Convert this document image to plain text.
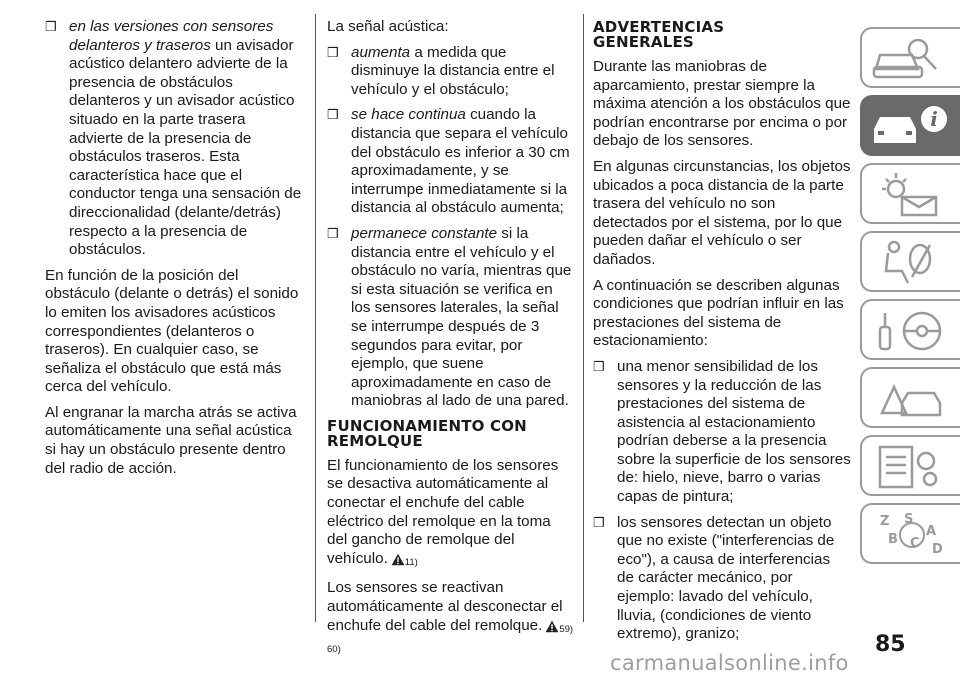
❒ en las versiones con sensores delanteros y traseros un avisador acústico delantero advierte de la presencia de obstáculos delanteros y un avisador acústico situado en la parte trasera advierte de la presencia de obstáculos traseros. Esta característica hace que el conductor tenga una sensación de direccionalidad (delante/detrás) respecto a la presencia de obstáculos.

En función de la posición del obstáculo (delante o detrás) el sonido lo emiten los avisadores acústicos correspondientes (delanteros o traseros). En cualquier caso, se señaliza el obstáculo que está más cerca del vehículo.

Al engranar la marcha atrás se activa automáticamente una señal acústica si hay un obstáculo presente dentro del radio de acción.

La señal acústica:

❒ aumenta a medida que disminuye la distancia entre el vehículo y el obstáculo;
❒ se hace continua cuando la distancia que separa el vehículo del obstáculo es inferior a 30 cm aproximadamente, y se interrumpe inmediatamente si la distancia al obstáculo aumenta;
❒ permanece constante si la distancia entre el vehículo y el obstáculo no varía, mientras que si esta situación se verifica en los sensores laterales, la señal se interrumpe después de 3 segundos para evitar, por ejemplo, que suene aproximadamente en caso de maniobras al lado de una pared.
FUNCIONAMIENTO CON REMOLQUE

El funcionamiento de los sensores se desactiva automáticamente al conectar el enchufe del cable eléctrico del remolque en la toma del gancho de remolque del vehículo. $_{11)}$

Los sensores se reactivan automáticamente al desconectar el enchufe del cable del remolque. $_{59)}$

60)
ADVERTENCIAS GENERALES

Durante las maniobras de aparcamiento, prestar siempre la máxima atención a los obstáculos que podrían encontrarse por encima o por debajo de los sensores.

En algunas circunstancias, los objetos ubicados a poca distancia de la parte trasera del vehículo no son detectados por el sistema, por lo que pueden dañar el vehículo o ser dañados.

A continuación se describen algunas condiciones que podrían influir en las prestaciones del sistema de estacionamiento:

❒ una menor sensibilidad de los sensores y la reducción de las prestaciones del sistema de asistencia al estacionamiento podrían deberse a la presencia sobre la superficie de los sensores de: hielo, nieve, barro o varias capas de pintura;
❒ los sensores detectan un objeto que no existe ("interferencias de eco"), a causa de interferencias de carácter mecánico, por ejemplo: lavado del vehículo, lluvia, (condiciones de viento extremo), granizo;
i
Z S
A
B C D
85
carmanualsonline.info
